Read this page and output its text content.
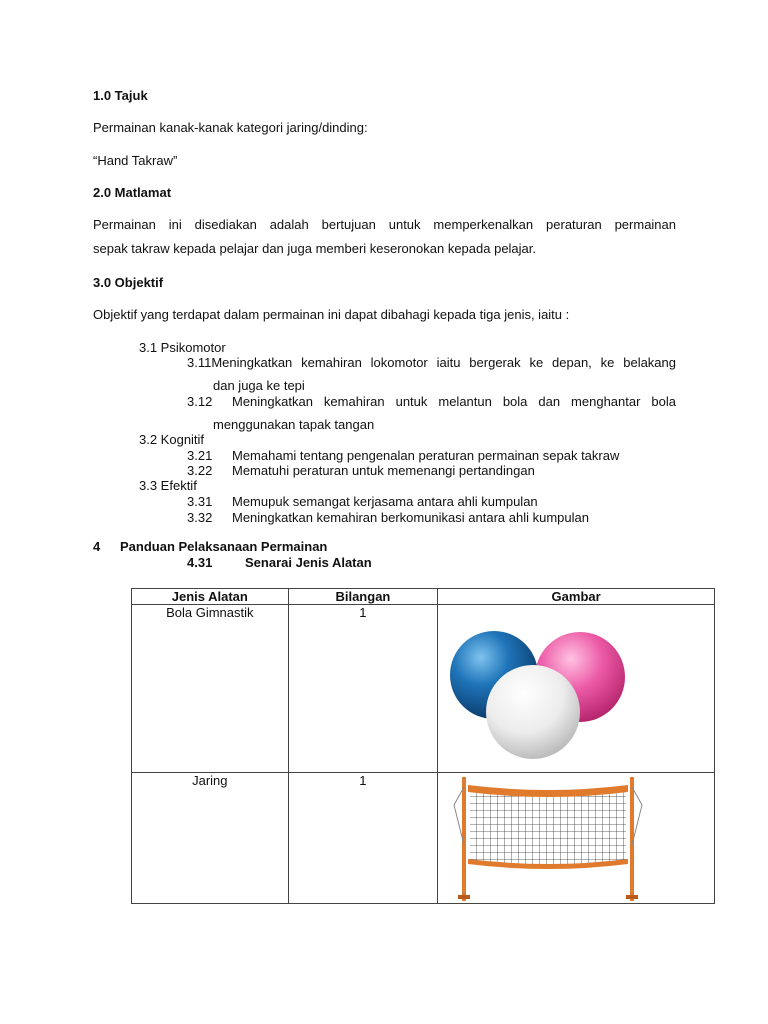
1.0 Tajuk
Permainan kanak-kanak kategori jaring/dinding:
“Hand Takraw”
2.0 Matlamat
Permainan ini disediakan adalah bertujuan untuk memperkenalkan peraturan permainan
sepak takraw kepada pelajar dan juga memberi keseronokan kepada pelajar.
3.0 Objektif
Objektif yang terdapat dalam permainan ini dapat dibahagi kepada tiga jenis, iaitu :
3.1 Psikomotor
3.11Meningkatkan kemahiran lokomotor iaitu bergerak ke depan, ke belakang
dan juga ke tepi
3.12 Meningkatkan kemahiran untuk melantun bola dan menghantar bola
menggunakan tapak tangan
3.2 Kognitif
3.21 Memahami tentang pengenalan peraturan permainan sepak takraw
3.22 Mematuhi peraturan untuk memenangi pertandingan
3.3 Efektif
3.31 Memupuk semangat kerjasama antara ahli kumpulan
3.32 Meningkatkan kemahiran berkomunikasi antara ahli kumpulan
4 Panduan Pelaksanaan Permainan
4.31	Senarai Jenis Alatan
Jenis Alatan	Bilangan	Gambar
Bola Gimnastik	1	

Jaring	1	
